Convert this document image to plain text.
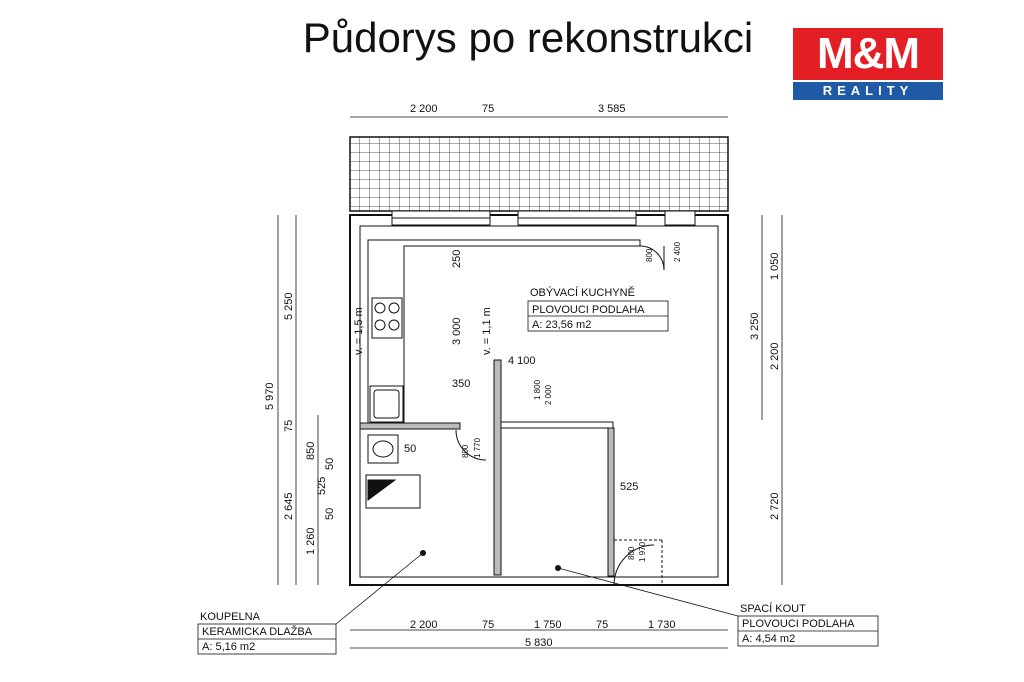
Půdorys po rekonstrukci	M&M
REALITY
2 200	75	3 585
2 200	75	1 750	75	1 730
5 830
5 970
5 250
75
850
2 645
1 260
525
50
50
1 050
3 250
2 200
2 720
250
3 000
v. = 1,5 m	v. = 1,1 m
4 100
350	1 800 2 000
800 2 400
800 1 770
800 1 970
525
50
OBÝVACÍ KUCHYNĚ
PLOVOUCI PODLAHA
A: 23,56 m2
KOUPELNA
KERAMICKA DLAŽBA
A: 5,16 m2
SPACÍ KOUT
PLOVOUCI PODLAHA
A: 4,54 m2
